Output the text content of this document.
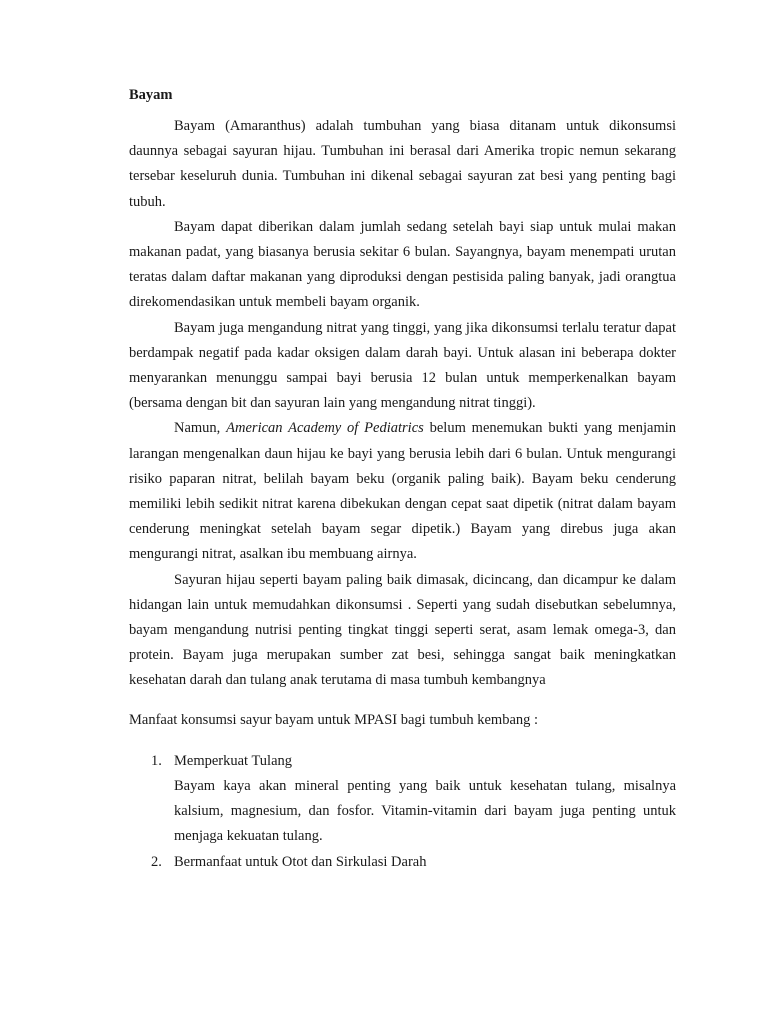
Bayam

Bayam (Amaranthus) adalah tumbuhan yang biasa ditanam untuk dikonsumsi daunnya sebagai sayuran hijau. Tumbuhan ini berasal dari Amerika tropic nemun sekarang tersebar keseluruh dunia. Tumbuhan ini dikenal sebagai sayuran zat besi yang penting bagi tubuh.

Bayam dapat diberikan dalam jumlah sedang setelah bayi siap untuk mulai makan makanan padat, yang biasanya berusia sekitar 6 bulan. Sayangnya, bayam menempati urutan teratas dalam daftar makanan yang diproduksi dengan pestisida paling banyak, jadi orangtua direkomendasikan untuk membeli bayam organik.

Bayam juga mengandung nitrat yang tinggi, yang jika dikonsumsi terlalu teratur dapat berdampak negatif pada kadar oksigen dalam darah bayi. Untuk alasan ini beberapa dokter menyarankan menunggu sampai bayi berusia 12 bulan untuk memperkenalkan bayam (bersama dengan bit dan sayuran lain yang mengandung nitrat tinggi).

Namun, American Academy of Pediatrics belum menemukan bukti yang menjamin larangan mengenalkan daun hijau ke bayi yang berusia lebih dari 6 bulan. Untuk mengurangi risiko paparan nitrat, belilah bayam beku (organik paling baik). Bayam beku cenderung memiliki lebih sedikit nitrat karena dibekukan dengan cepat saat dipetik (nitrat dalam bayam cenderung meningkat setelah bayam segar dipetik.) Bayam yang direbus juga akan mengurangi nitrat, asalkan ibu membuang airnya.

Sayuran hijau seperti bayam paling baik dimasak, dicincang, dan dicampur ke dalam hidangan lain untuk memudahkan dikonsumsi . Seperti yang sudah disebutkan sebelumnya, bayam mengandung nutrisi penting tingkat tinggi seperti serat, asam lemak omega-3, dan protein. Bayam juga merupakan sumber zat besi, sehingga sangat baik meningkatkan kesehatan darah dan tulang anak terutama di masa tumbuh kembangnya

Manfaat konsumsi sayur bayam untuk MPASI bagi tumbuh kembang :
1. Memperkuat Tulang

Bayam kaya akan mineral penting yang baik untuk kesehatan tulang, misalnya kalsium, magnesium, dan fosfor. Vitamin-vitamin dari bayam juga penting untuk menjaga kekuatan tulang.

2. Bermanfaat untuk Otot dan Sirkulasi Darah
